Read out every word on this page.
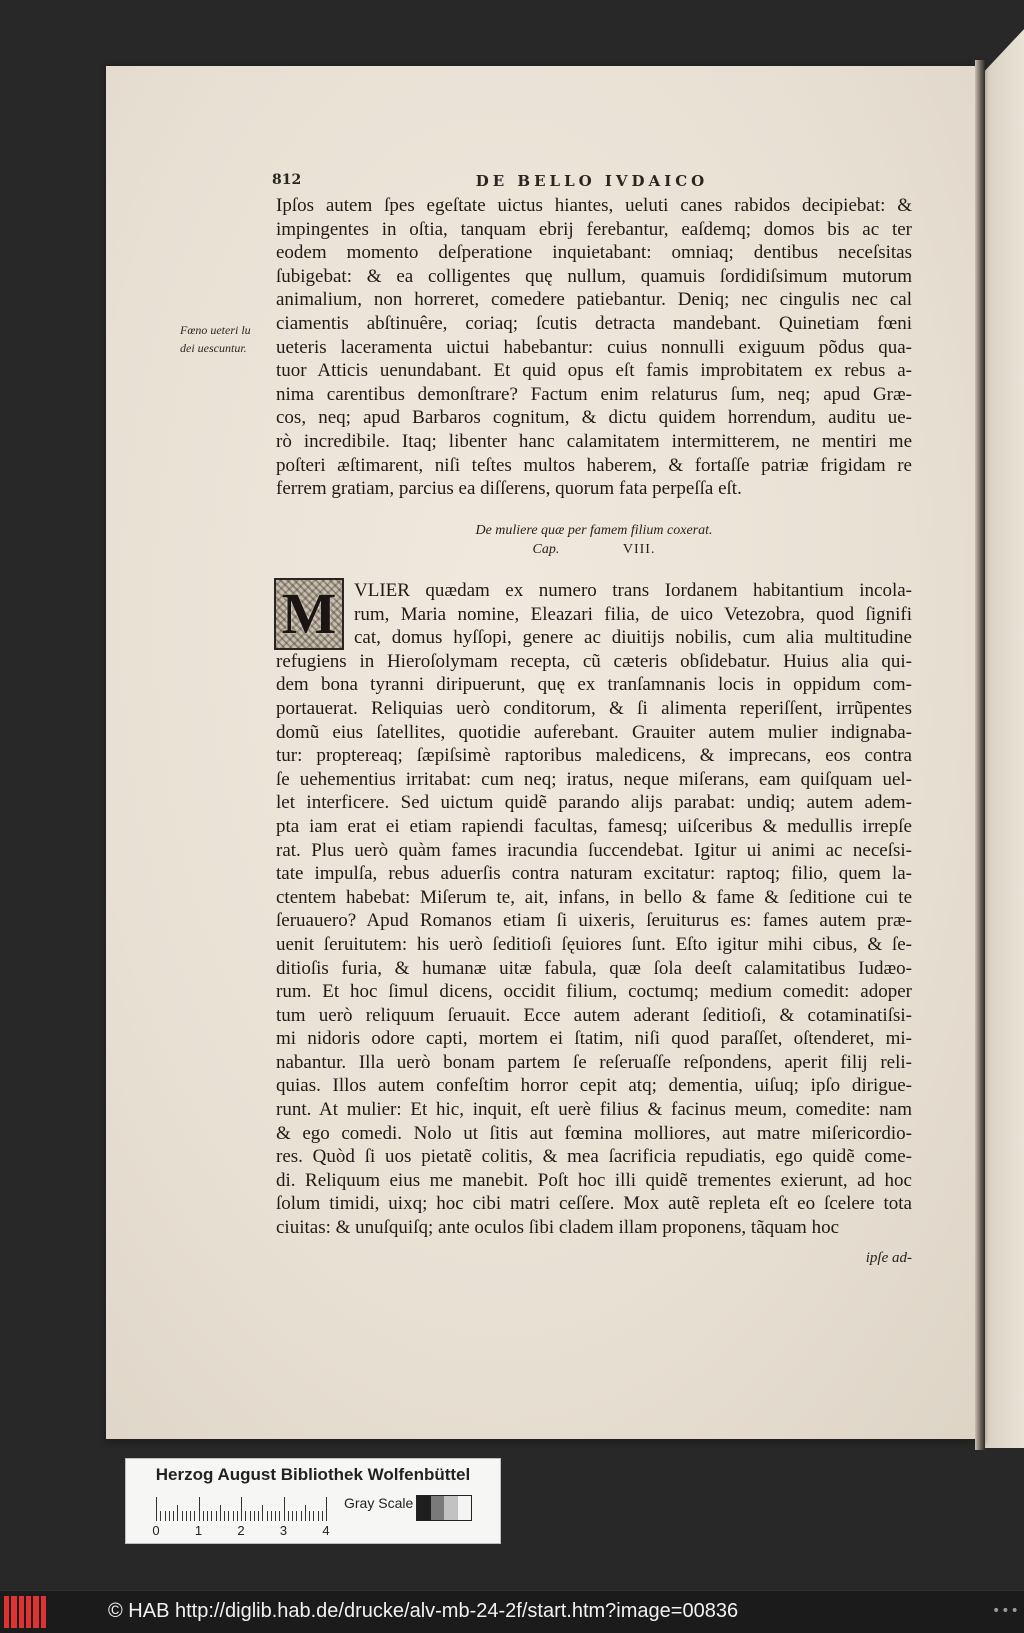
812	DE BELLO IVDAICO
Ipſos autem ſpes egeſtate uictus hiantes, ueluti canes rabidos decipiebat: &
impingentes in oſtia, tanquam ebrij ferebantur, eaſdemq; domos bis ac ter
eodem momento deſperatione inquietabant: omniaq; dentibus neceſsitas
ſubigebat: & ea colligentes quę nullum, quamuis ſordidiſsimum mutorum
animalium, non horreret, comedere patiebantur. Deniq; nec cingulis nec cal
ciamentis abſtinuêre, coriaq; ſcutis detracta mandebant. Quinetiam fœni
ueteris laceramenta uictui habebantur: cuius nonnulli exiguum põdus qua-
tuor Atticis uenundabant. Et quid opus eſt famis improbitatem ex rebus a-
nima carentibus demonſtrare? Factum enim relaturus ſum, neq; apud Græ-
cos, neq; apud Barbaros cognitum, & dictu quidem horrendum, auditu ue-
rò incredibile. Itaq; libenter hanc calamitatem intermitterem, ne mentiri me
poſteri æſtimarent, niſi teſtes multos haberem, & fortaſſe patriæ frigidam re
ferrem gratiam, parcius ea diſſerens, quorum fata perpeſſa eſt.
Fœno ueteri lu
dei uescuntur.
De muliere quæ per famem filium coxerat.
Cap.	VIII.
M VLIER quædam ex numero trans Iordanem habitantium incola-
rum, Maria nomine, Eleazari filia, de uico Vetezobra, quod ſignifi
cat, domus hyſſopi, genere ac diuitijs nobilis, cum alia multitudine
refugiens in Hieroſolymam recepta, cũ cæteris obſidebatur. Huius alia qui-
dem bona tyranni diripuerunt, quę ex tranſamnanis locis in oppidum com-
portauerat. Reliquias uerò conditorum, & ſi alimenta reperiſſent, irrũpentes
domũ eius ſatellites, quotidie auferebant. Grauiter autem mulier indignaba-
tur: proptereaq; ſæpiſsimè raptoribus maledicens, & imprecans, eos contra
ſe uehementius irritabat: cum neq; iratus, neque miſerans, eam quiſquam uel-
let interficere. Sed uictum quidẽ parando alijs parabat: undiq; autem adem-
pta iam erat ei etiam rapiendi facultas, famesq; uiſceribus & medullis irrepſe
rat. Plus uerò quàm fames iracundia ſuccendebat. Igitur ui animi ac neceſsi-
tate impulſa, rebus aduerſis contra naturam excitatur: raptoq; filio, quem la-
ctentem habebat: Miſerum te, ait, infans, in bello & fame & ſeditione cui te
ſeruauero? Apud Romanos etiam ſi uixeris, ſeruiturus es: fames autem præ-
uenit ſeruitutem: his uerò ſeditioſi ſęuiores ſunt. Eſto igitur mihi cibus, & ſe-
ditioſis furia, & humanæ uitæ fabula, quæ ſola deeſt calamitatibus Iudæo-
rum. Et hoc ſimul dicens, occidit filium, coctumq; medium comedit: adoper
tum uerò reliquum ſeruauit. Ecce autem aderant ſeditioſi, & cotaminatiſsi-
mi nidoris odore capti, mortem ei ſtatim, niſi quod paraſſet, oſtenderet, mi-
nabantur. Illa uerò bonam partem ſe reſeruaſſe reſpondens, aperit filij reli-
quias. Illos autem confeſtim horror cepit atq; dementia, uiſuq; ipſo dirigue-
runt. At mulier: Et hic, inquit, eſt uerè filius & facinus meum, comedite: nam
& ego comedi. Nolo ut ſitis aut fœmina molliores, aut matre miſericordio-
res. Quòd ſi uos pietatẽ colitis, & mea ſacrificia repudiatis, ego quidẽ come-
di. Reliquum eius me manebit. Poſt hoc illi quidẽ trementes exierunt, ad hoc
ſolum timidi, uixq; hoc cibi matri ceſſere. Mox autẽ repleta eſt eo ſcelere tota
ciuitas: & unuſquiſq; ante oculos ſibi cladem illam proponens, tãquam hoc
ipſe ad-
Herzog August Bibliothek Wolfenbüttel
0	1	2	3	4
Gray Scale
© HAB http://diglib.hab.de/drucke/alv-mb-24-2f/start.htm?image=00836	•••
